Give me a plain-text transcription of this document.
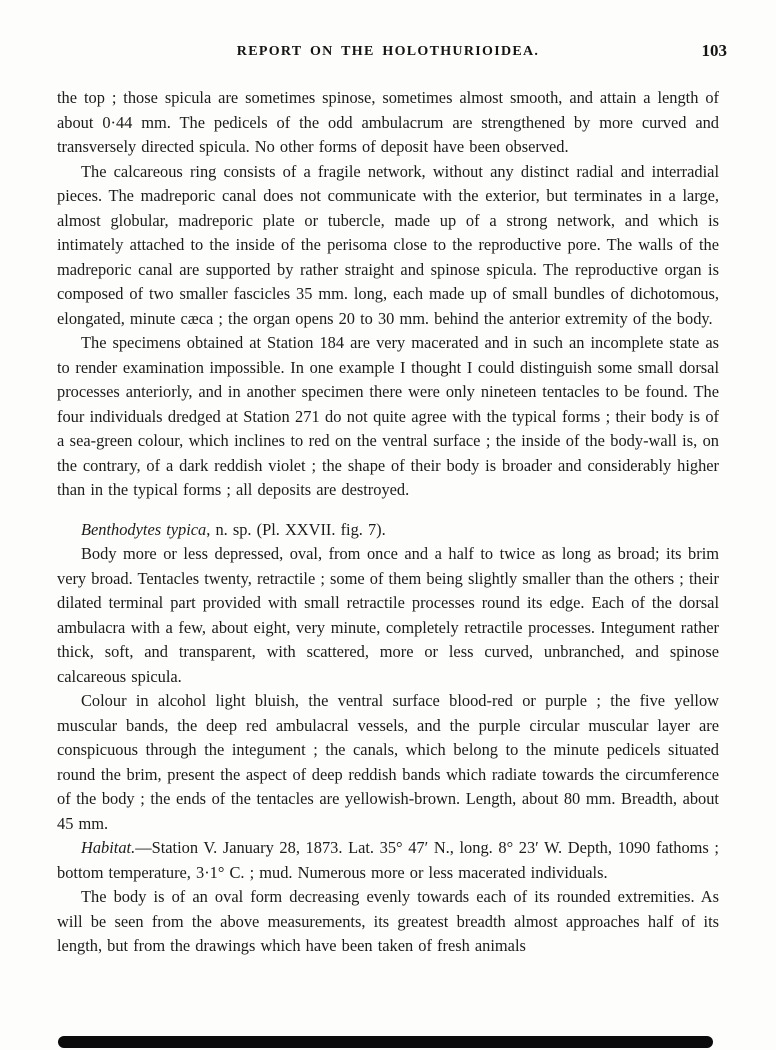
REPORT ON THE HOLOTHURIOIDEA.	103

the top ; those spicula are sometimes spinose, sometimes almost smooth, and attain a length of about 0·44 mm. The pedicels of the odd ambulacrum are strengthened by more curved and transversely directed spicula. No other forms of deposit have been observed.

The calcareous ring consists of a fragile network, without any distinct radial and interradial pieces. The madreporic canal does not communicate with the exterior, but terminates in a large, almost globular, madreporic plate or tubercle, made up of a strong network, and which is intimately attached to the inside of the perisoma close to the reproductive pore. The walls of the madreporic canal are supported by rather straight and spinose spicula. The reproductive organ is composed of two smaller fascicles 35 mm. long, each made up of small bundles of dichotomous, elongated, minute cæca ; the organ opens 20 to 30 mm. behind the anterior extremity of the body.

The specimens obtained at Station 184 are very macerated and in such an incomplete state as to render examination impossible. In one example I thought I could distinguish some small dorsal processes anteriorly, and in another specimen there were only nineteen tentacles to be found. The four individuals dredged at Station 271 do not quite agree with the typical forms ; their body is of a sea-green colour, which inclines to red on the ventral surface ; the inside of the body-wall is, on the contrary, of a dark reddish violet ; the shape of their body is broader and considerably higher than in the typical forms ; all deposits are destroyed.

Benthodytes typica, n. sp. (Pl. XXVII. fig. 7).

Body more or less depressed, oval, from once and a half to twice as long as broad; its brim very broad. Tentacles twenty, retractile ; some of them being slightly smaller than the others ; their dilated terminal part provided with small retractile processes round its edge. Each of the dorsal ambulacra with a few, about eight, very minute, completely retractile processes. Integument rather thick, soft, and transparent, with scattered, more or less curved, unbranched, and spinose calcareous spicula.

Colour in alcohol light bluish, the ventral surface blood-red or purple ; the five yellow muscular bands, the deep red ambulacral vessels, and the purple circular muscular layer are conspicuous through the integument ; the canals, which belong to the minute pedicels situated round the brim, present the aspect of deep reddish bands which radiate towards the circumference of the body ; the ends of the tentacles are yellowish-brown. Length, about 80 mm. Breadth, about 45 mm.

Habitat.—Station V. January 28, 1873. Lat. 35° 47′ N., long. 8° 23′ W. Depth, 1090 fathoms ; bottom temperature, 3·1° C. ; mud. Numerous more or less macerated individuals.

The body is of an oval form decreasing evenly towards each of its rounded extremities. As will be seen from the above measurements, its greatest breadth almost approaches half of its length, but from the drawings which have been taken of fresh animals
